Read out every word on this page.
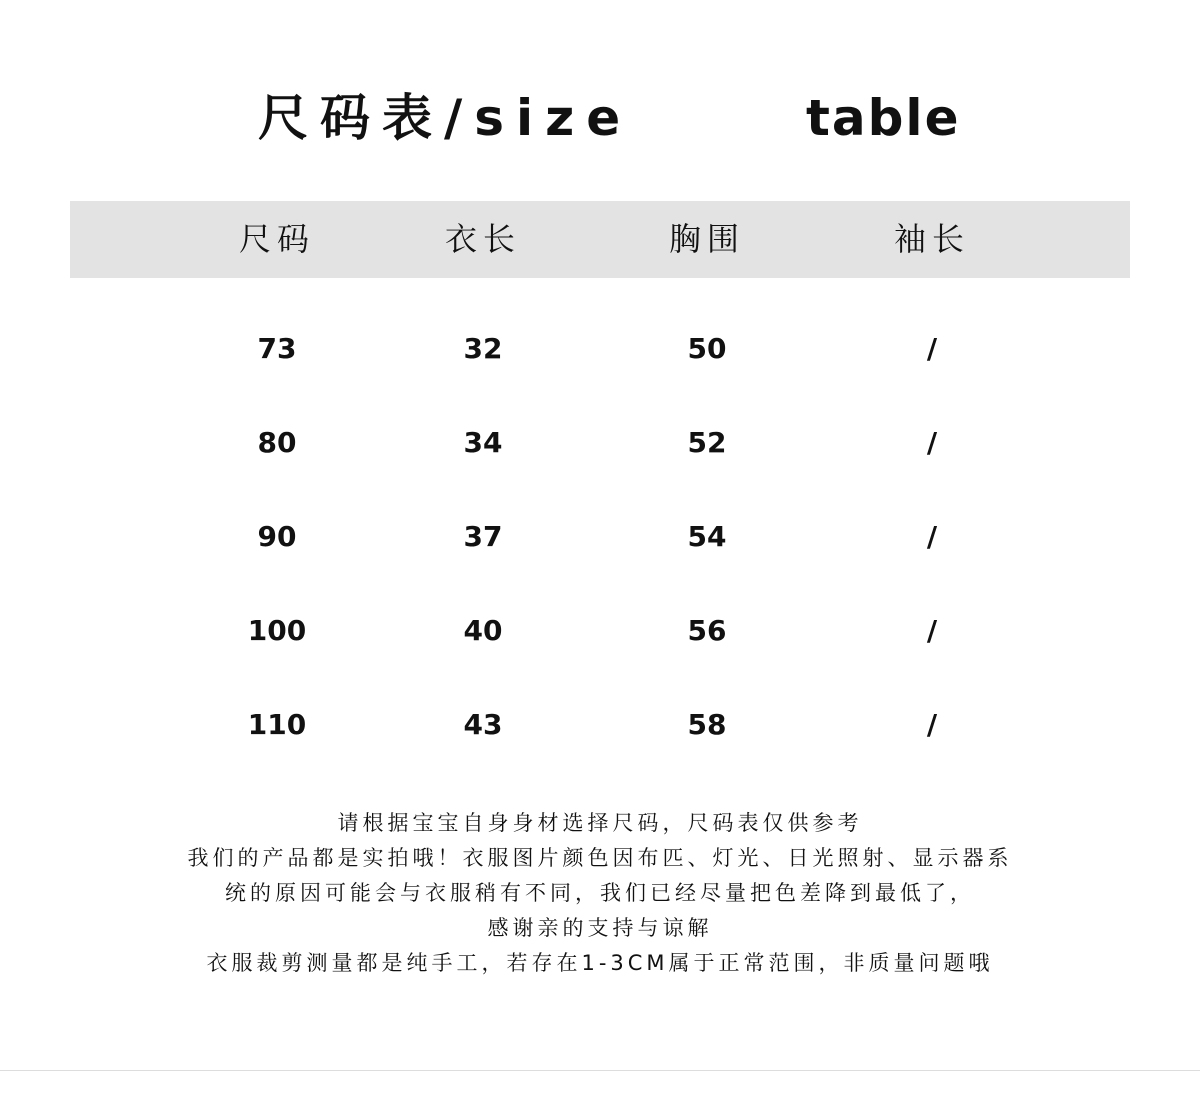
尺码表/size	table
尺码	衣长	胸围	袖长
73	32	50	/
80	34	52	/
90	37	54	/
100	40	56	/
110	43	58	/
请根据宝宝自身身材选择尺码，尺码表仅供参考
我们的产品都是实拍哦！衣服图片颜色因布匹、灯光、日光照射、显示器系
统的原因可能会与衣服稍有不同，我们已经尽量把色差降到最低了，
感谢亲的支持与谅解
衣服裁剪测量都是纯手工，若存在1-3CM属于正常范围，非质量问题哦
